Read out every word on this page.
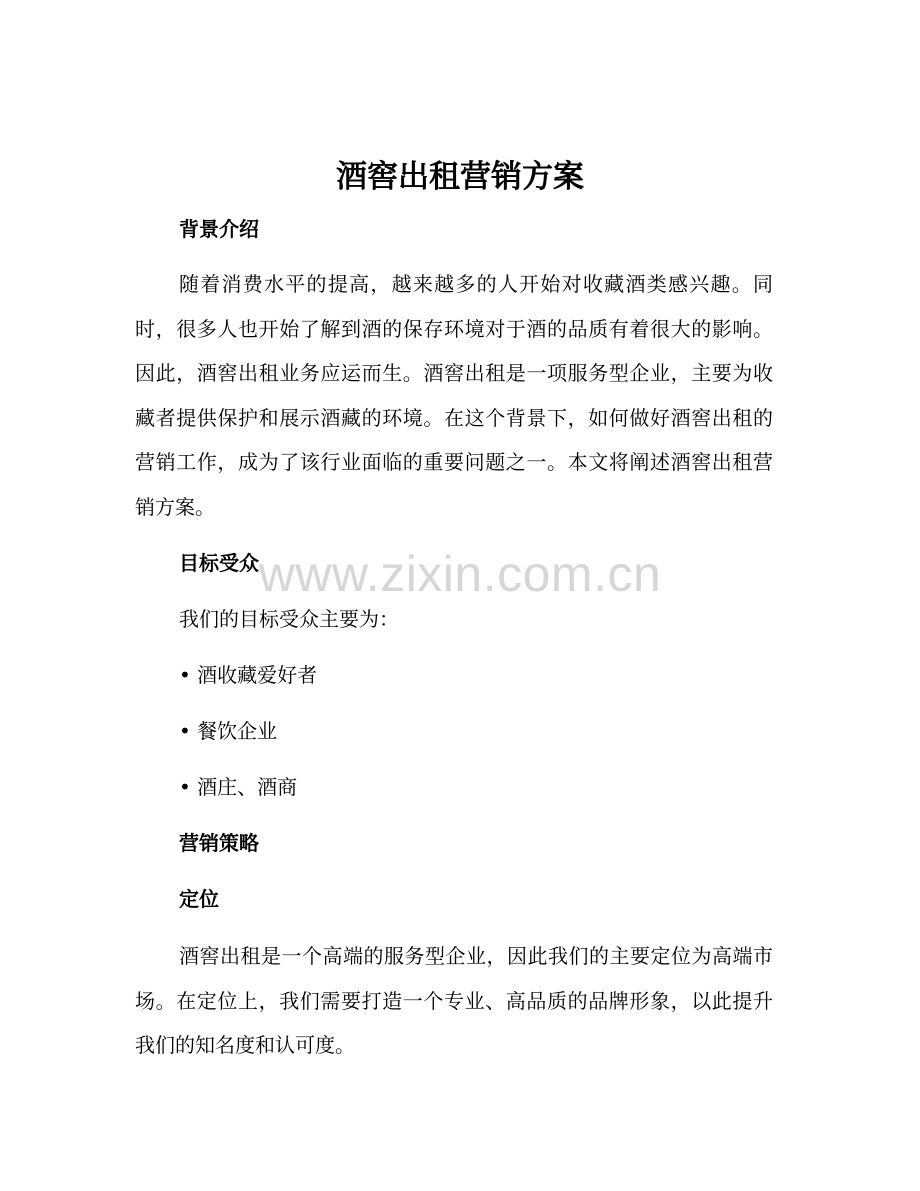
酒窖出租营销方案
背景介绍

随着消费水平的提高，越来越多的人开始对收藏酒类感兴趣。同时，很多人也开始了解到酒的保存环境对于酒的品质有着很大的影响。因此，酒窖出租业务应运而生。酒窖出租是一项服务型企业，主要为收藏者提供保护和展示酒藏的环境。在这个背景下，如何做好酒窖出租的营销工作，成为了该行业面临的重要问题之一。本文将阐述酒窖出租营销方案。

目标受众
我们的目标受众主要为：
• 酒收藏爱好者
• 餐饮企业
• 酒庄、酒商
营销策略
定位

酒窖出租是一个高端的服务型企业，因此我们的主要定位为高端市场。在定位上，我们需要打造一个专业、高品质的品牌形象，以此提升我们的知名度和认可度。

www.zixin.com.cn
